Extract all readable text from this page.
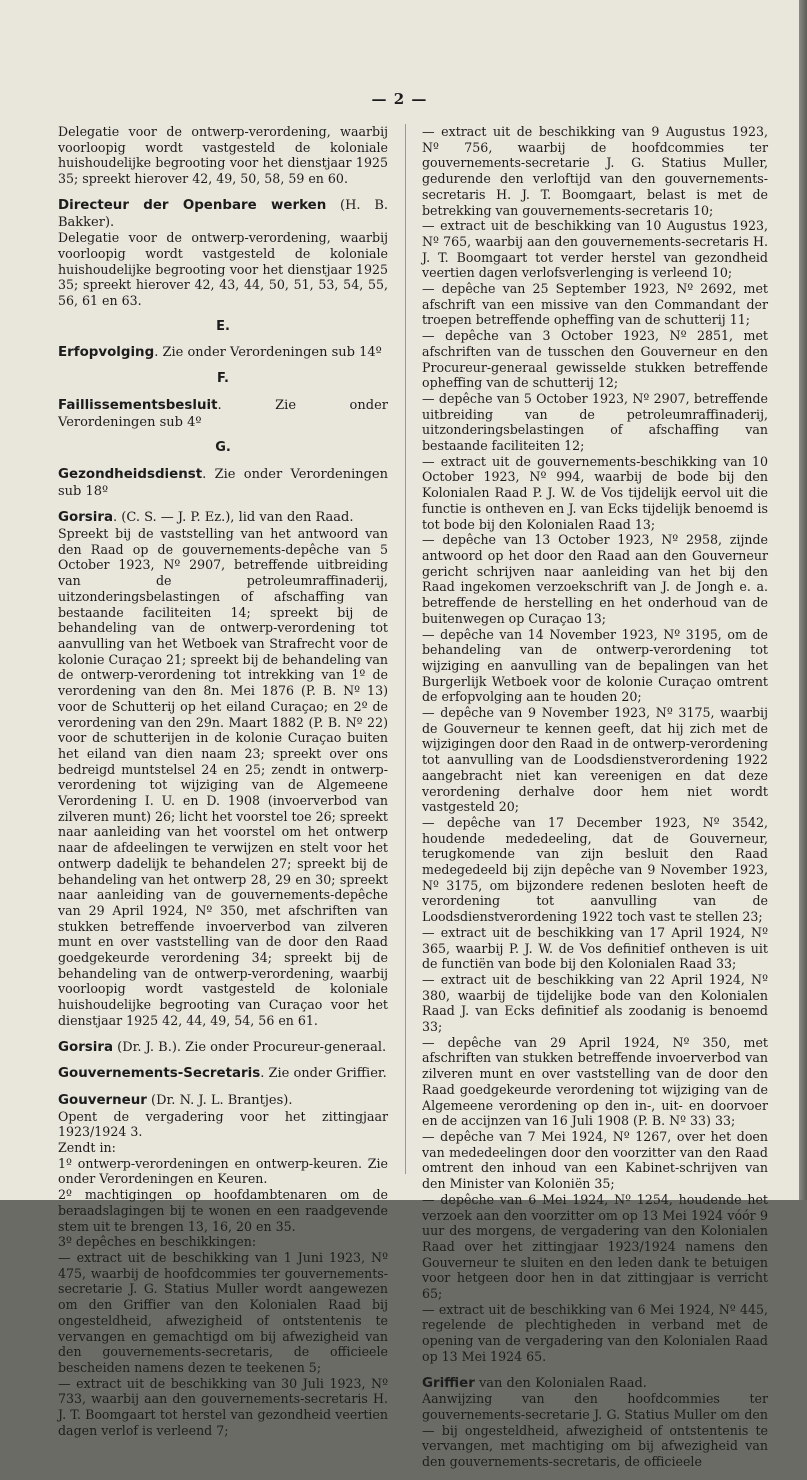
— 2 —

Delegatie voor de ontwerp-verordening, waarbij voorloopig wordt vastgesteld de koloniale huishoudelijke begrooting voor het dienstjaar 1925 35; spreekt hierover 42, 49, 50, 58, 59 en 60.

Directeur der Openbare werken (H. B. Bakker).

Delegatie voor de ontwerp-verordening, waarbij voorloopig wordt vastgesteld de koloniale huishoudelijke begrooting voor het dienstjaar 1925 35; spreekt hierover 42, 43, 44, 50, 51, 53, 54, 55, 56, 61 en 63.

E.

Erfopvolging. Zie onder Verordeningen sub 14º

F.

Faillissementsbesluit. Zie onder Verordeningen sub 4º

G.

Gezondheidsdienst. Zie onder Verordeningen sub 18º

Gorsira. (C. S. — J. P. Ez.), lid van den Raad.

Spreekt bij de vaststelling van het antwoord van den Raad op de gouvernements-depêche van 5 October 1923, Nº 2907, betreffende uitbreiding van de petroleumraffinaderij, uitzonderingsbelastingen of afschaffing van bestaande faciliteiten 14; spreekt bij de behandeling van de ontwerp-verordening tot aanvulling van het Wetboek van Strafrecht voor de kolonie Curaçao 21; spreekt bij de behandeling van de ontwerp-verordening tot intrekking van 1º de verordening van den 8n. Mei 1876 (P. B. Nº 13) voor de Schutterij op het eiland Curaçao; en 2º de verordening van den 29n. Maart 1882 (P. B. Nº 22) voor de schutterijen in de kolonie Curaçao buiten het eiland van dien naam 23; spreekt over ons bedreigd muntstelsel 24 en 25; zendt in ontwerp-verordening tot wijziging van de Algemeene Verordening I. U. en D. 1908 (invoerverbod van zilveren munt) 26; licht het voorstel toe 26; spreekt naar aanleiding van het voorstel om het ontwerp naar de afdeelingen te verwijzen en stelt voor het ontwerp dadelijk te behandelen 27; spreekt bij de behandeling van het ontwerp 28, 29 en 30; spreekt naar aanleiding van de gouvernements-depêche van 29 April 1924, Nº 350, met afschriften van stukken betreffende invoerverbod van zilveren munt en over vaststelling van de door den Raad goedgekeurde verordening 34; spreekt bij de behandeling van de ontwerp-verordening, waarbij voorloopig wordt vastgesteld de koloniale huishoudelijke begrooting van Curaçao voor het dienstjaar 1925 42, 44, 49, 54, 56 en 61.

Gorsira (Dr. J. B.). Zie onder Procureur-generaal.

Gouvernements-Secretaris. Zie onder Griffier.

Gouverneur (Dr. N. J. L. Brantjes).

Opent de vergadering voor het zittingjaar 1923/1924 3.

Zendt in:

1º ontwerp-verordeningen en ontwerp-keuren. Zie onder Verordeningen en Keuren.

2º machtigingen op hoofdambtenaren om de beraadslagingen bij te wonen en een raadgevende stem uit te brengen 13, 16, 20 en 35.

3º depêches en beschikkingen:

— extract uit de beschikking van 1 Juni 1923, Nº 475, waarbij de hoofdcommies ter gouvernements-secretarie J. G. Statius Muller wordt aangewezen om den Griffier van den Kolonialen Raad bij ongesteldheid, afwezigheid of ontstentenis te vervangen en gemachtigd om bij afwezigheid van den gouvernements-secretaris, de officieele bescheiden namens dezen te teekenen 5;

— extract uit de beschikking van 30 Juli 1923, Nº 733, waarbij aan den gouvernements-secretaris H. J. T. Boomgaart tot herstel van gezondheid veertien dagen verlof is verleend 7;

— extract uit de beschikking van 9 Augustus 1923, Nº 756, waarbij de hoofdcommies ter gouvernements-secretarie J. G. Statius Muller, gedurende den verloftijd van den gouvernements-secretaris H. J. T. Boomgaart, belast is met de betrekking van gouvernements-secretaris 10;

— extract uit de beschikking van 10 Augustus 1923, Nº 765, waarbij aan den gouvernements-secretaris H. J. T. Boomgaart tot verder herstel van gezondheid veertien dagen verlofsverlenging is verleend 10;

— depêche van 25 September 1923, Nº 2692, met afschrift van een missive van den Commandant der troepen betreffende opheffing van de schutterij 11;

— depêche van 3 October 1923, Nº 2851, met afschriften van de tusschen den Gouverneur en den Procureur-generaal gewisselde stukken betreffende opheffing van de schutterij 12;

— depêche van 5 October 1923, Nº 2907, betreffende uitbreiding van de petroleumraffinaderij, uitzonderingsbelastingen of afschaffing van bestaande faciliteiten 12;

— extract uit de gouvernements-beschikking van 10 October 1923, Nº 994, waarbij de bode bij den Kolonialen Raad P. J. W. de Vos tijdelijk eervol uit die functie is ontheven en J. van Ecks tijdelijk benoemd is tot bode bij den Kolonialen Raad 13;

— depêche van 13 October 1923, Nº 2958, zijnde antwoord op het door den Raad aan den Gouverneur gericht schrijven naar aanleiding van het bij den Raad ingekomen verzoekschrift van J. de Jongh e. a. betreffende de herstelling en het onderhoud van de buitenwegen op Curaçao 13;

— depêche van 14 November 1923, Nº 3195, om de behandeling van de ontwerp-verordening tot wijziging en aanvulling van de bepalingen van het Burgerlijk Wetboek voor de kolonie Curaçao omtrent de erfopvolging aan te houden 20;

— depêche van 9 November 1923, Nº 3175, waarbij de Gouverneur te kennen geeft, dat hij zich met de wijzigingen door den Raad in de ontwerp-verordening tot aanvulling van de Loodsdienstverordening 1922 aangebracht niet kan vereenigen en dat deze verordening derhalve door hem niet wordt vastgesteld 20;

— depêche van 17 December 1923, Nº 3542, houdende mededeeling, dat de Gouverneur, terugkomende van zijn besluit den Raad medegedeeld bij zijn depêche van 9 November 1923, Nº 3175, om bijzondere redenen besloten heeft de verordening tot aanvulling van de Loodsdienstverordening 1922 toch vast te stellen 23;

— extract uit de beschikking van 17 April 1924, Nº 365, waarbij P. J. W. de Vos definitief ontheven is uit de functiën van bode bij den Kolonialen Raad 33;

— extract uit de beschikking van 22 April 1924, Nº 380, waarbij de tijdelijke bode van den Kolonialen Raad J. van Ecks definitief als zoodanig is benoemd 33;

— depêche van 29 April 1924, Nº 350, met afschriften van stukken betreffende invoerverbod van zilveren munt en over vaststelling van de door den Raad goedgekeurde verordening tot wijziging van de Algemeene verordening op den in-, uit- en doorvoer en de accijnzen van 16 Juli 1908 (P. B. Nº 33) 33;

— depêche van 7 Mei 1924, Nº 1267, over het doen van mededeelingen door den voorzitter van den Raad omtrent den inhoud van een Kabinet-schrijven van den Minister van Koloniën 35;

— depêche van 6 Mei 1924, Nº 1254, houdende het verzoek aan den voorzitter om op 13 Mei 1924 vóór 9 uur des morgens, de vergadering van den Kolonialen Raad over het zittingjaar 1923/1924 namens den Gouverneur te sluiten en den leden dank te betuigen voor hetgeen door hen in dat zittingjaar is verricht 65;

— extract uit de beschikking van 6 Mei 1924, Nº 445, regelende de plechtigheden in verband met de opening van de vergadering van den Kolonialen Raad op 13 Mei 1924 65.

Griffier van den Kolonialen Raad.

Aanwijzing van den hoofdcommies ter gouvernements-secretarie J. G. Statius Muller om den — bij ongesteldheid, afwezigheid of ontstentenis te vervangen, met machtiging om bij afwezigheid van den gouvernements-secretaris, de officieele
